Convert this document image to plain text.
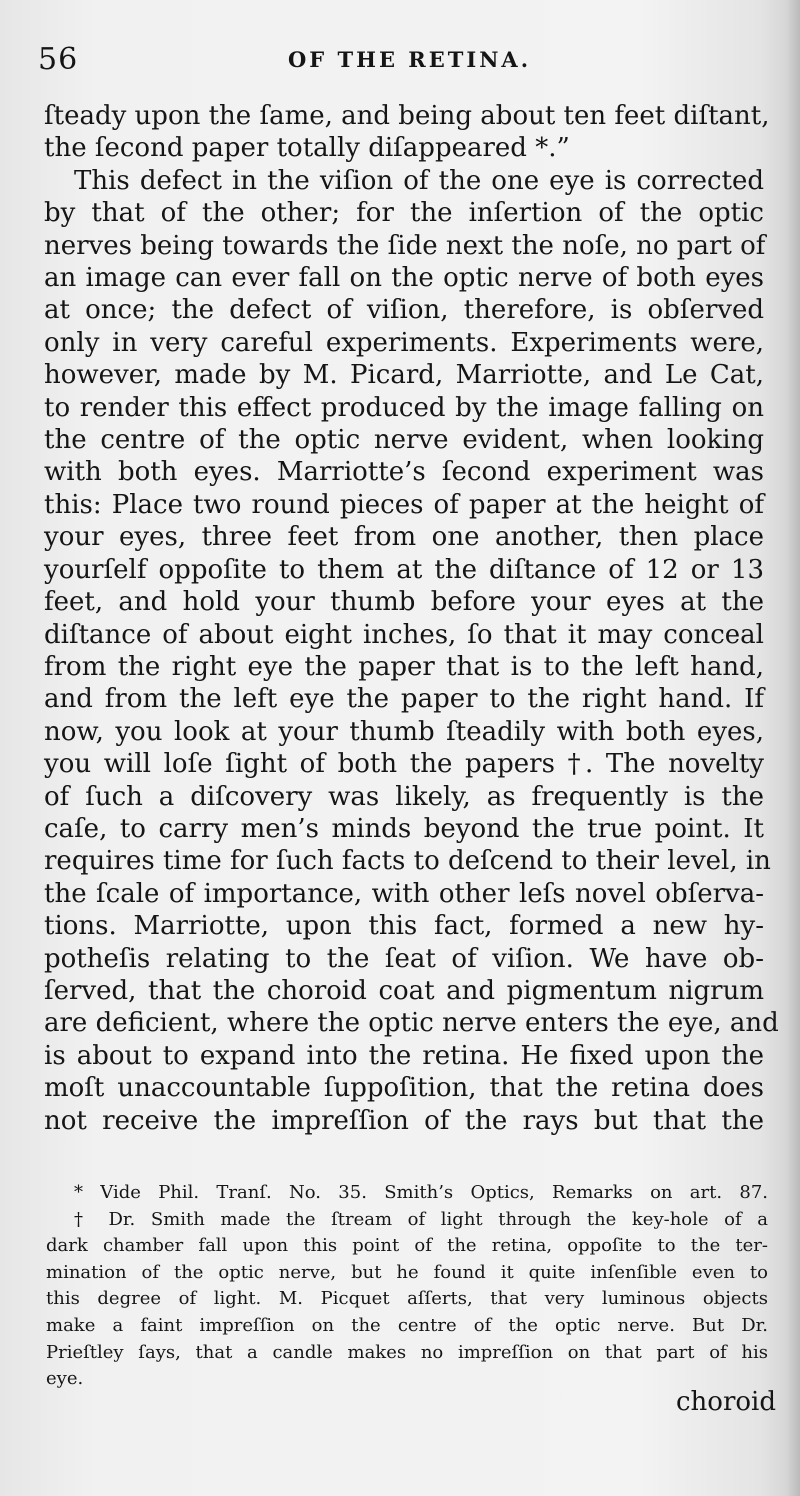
56	OF THE RETINA.
ſteady upon the ſame, and being about ten feet diſtant,
the ſecond paper totally diſappeared *.”
This defect in the viſion of the one eye is corrected
by that of the other; for the inſertion of the optic
nerves being towards the ſide next the noſe, no part of
an image can ever fall on the optic nerve of both eyes
at once; the defect of viſion, therefore, is obſerved
only in very careful experiments. Experiments were,
however, made by M. Picard, Marriotte, and Le Cat,
to render this effect produced by the image falling on
the centre of the optic nerve evident, when looking
with both eyes. Marriotte’s ſecond experiment was
this: Place two round pieces of paper at the height of
your eyes, three feet from one another, then place
yourſelf oppoſite to them at the diſtance of 12 or 13
feet, and hold your thumb before your eyes at the
diſtance of about eight inches, ſo that it may conceal
from the right eye the paper that is to the left hand,
and from the left eye the paper to the right hand. If
now, you look at your thumb ſteadily with both eyes,
you will loſe ſight of both the papers †. The novelty
of ſuch a diſcovery was likely, as frequently is the
caſe, to carry men’s minds beyond the true point. It
requires time for ſuch facts to deſcend to their level, in
the ſcale of importance, with other leſs novel obſerva-
tions. Marriotte, upon this fact, formed a new hy-
potheſis relating to the ſeat of viſion. We have ob-
ſerved, that the choroid coat and pigmentum nigrum
are deficient, where the optic nerve enters the eye, and
is about to expand into the retina. He fixed upon the
moſt unaccountable ſuppoſition, that the retina does
not receive the impreſſion of the rays but that the
* Vide Phil. Tranſ. No. 35. Smith’s Optics, Remarks on art. 87.
† Dr. Smith made the ſtream of light through the key-hole of a
dark chamber fall upon this point of the retina, oppoſite to the ter-
mination of the optic nerve, but he found it quite inſenſible even to
this degree of light. M. Picquet aſſerts, that very luminous objects
make a faint impreſſion on the centre of the optic nerve. But Dr.
Prieſtley ſays, that a candle makes no impreſſion on that part of his
eye.
choroid
